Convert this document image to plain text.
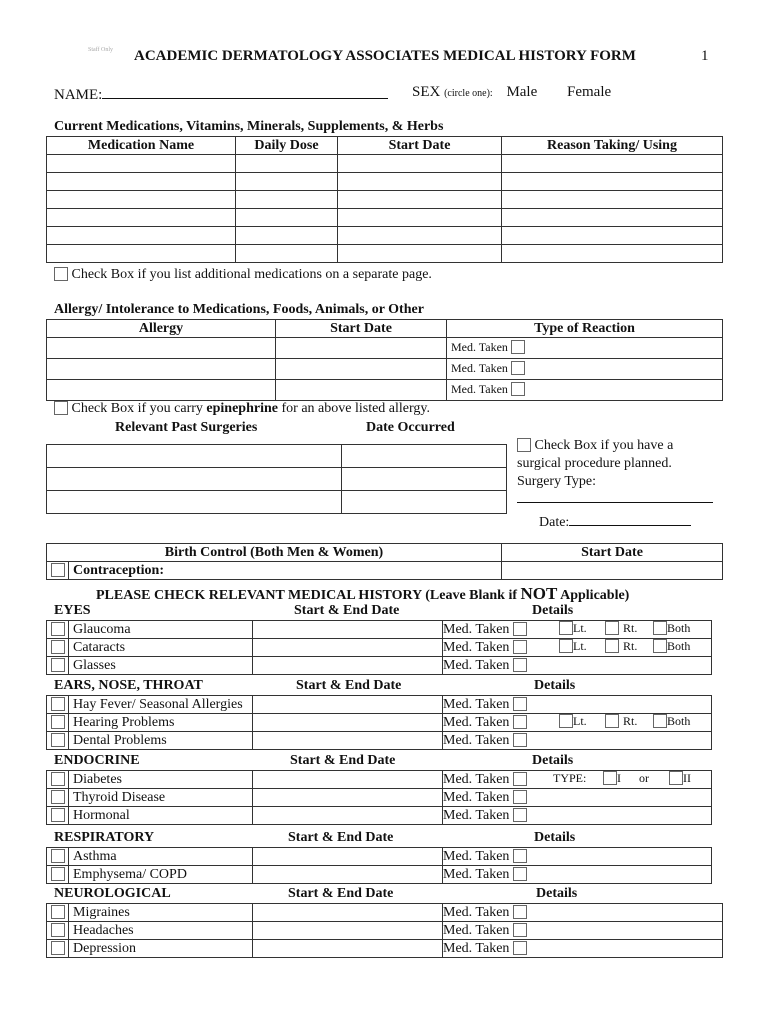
Staff Only ACADEMIC DERMATOLOGY ASSOCIATES MEDICAL HISTORY FORM	1
NAME:	SEX (circle one): Male Female
Current Medications, Vitamins, Minerals, Supplements, & Herbs
Medication Name	Daily Dose	Start Date	Reason Taking/ Using

Check Box if you list additional medications on a separate page.
Allergy/ Intolerance to Medications, Foods, Animals, or Other
Allergy	Start Date	Type of Reaction
		Med. Taken
		Med. Taken
		Med. Taken
Check Box if you carry epinephrine for an above listed allergy.
Relevant Past Surgeries	Date Occurred

Check Box if you have a
surgical procedure planned.
Surgery Type:
Date:
Birth Control (Both Men & Women)		Start Date
	Contraception:	
PLEASE CHECK RELEVANT MEDICAL HISTORY (Leave Blank if NOT Applicable)
EYES	Start & End Date	Details
	Glaucoma		Med. Taken Lt. Rt. Both

	Cataracts		Med. Taken Lt. Rt. Both

	Glasses		Med. Taken
EARS, NOSE, THROAT	Start & End Date	Details
	Hay Fever/ Seasonal Allergies		Med. Taken
	Hearing Problems		Med. Taken Lt. Rt. Both

	Dental Problems		Med. Taken
ENDOCRINE	Start & End Date	Details
	Diabetes		Med. Taken TYPE: I or II

	Thyroid Disease		Med. Taken
	Hormonal		Med. Taken
RESPIRATORY	Start & End Date	Details
	Asthma		Med. Taken
	Emphysema/ COPD		Med. Taken
NEUROLOGICAL	Start & End Date	Details
	Migraines		Med. Taken
	Headaches		Med. Taken
	Depression		Med. Taken
